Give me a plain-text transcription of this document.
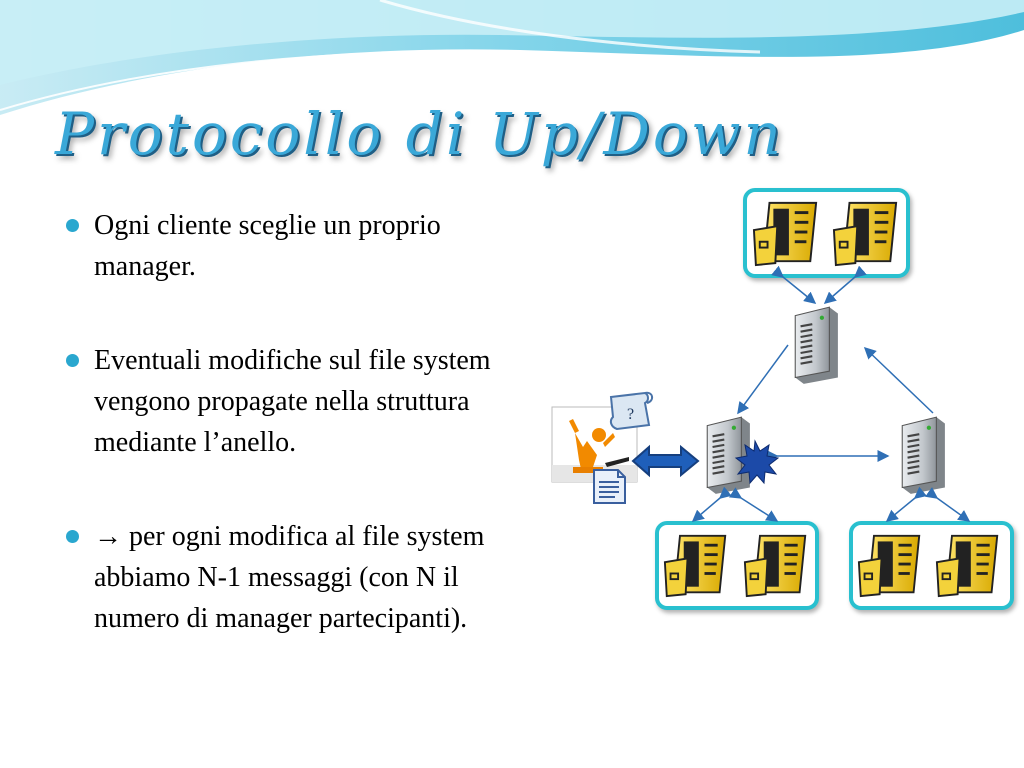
Protocollo di Up/Down
Ogni cliente sceglie un proprio manager.
Eventuali modifiche sul file system vengono propagate nella struttura mediante l’anello.
→ per ogni modifica al file system abbiamo N-1 messaggi (con N il numero di manager partecipanti).
?
